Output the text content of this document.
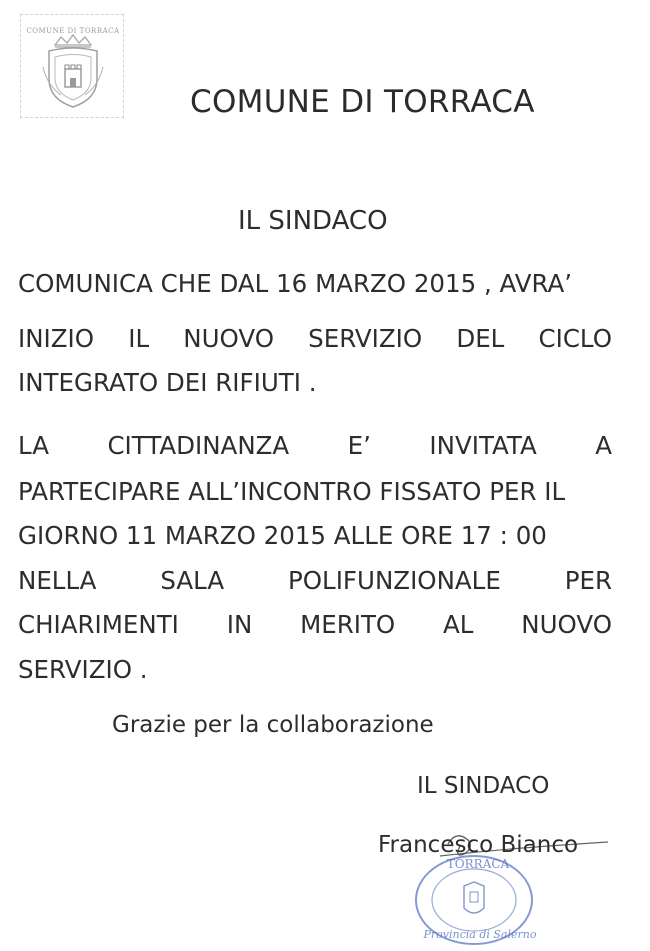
COMUNE DI TORRACA
COMUNE DI TORRACA
IL SINDACO
COMUNICA CHE DAL 16 MARZO 2015 , AVRA’
INIZIO IL NUOVO SERVIZIO DEL CICLO
INTEGRATO DEI RIFIUTI .
LA CITTADINANZA E’ INVITATA A
PARTECIPARE ALL’INCONTRO FISSATO PER IL
GIORNO 11 MARZO 2015 ALLE ORE 17 : 00
NELLA	SALA	POLIFUNZIONALE	PER
CHIARIMENTI IN MERITO AL NUOVO
SERVIZIO .
Grazie per la collaborazione
IL SINDACO
TORRACA
Provincia di Salerno
Francesco Bianco
